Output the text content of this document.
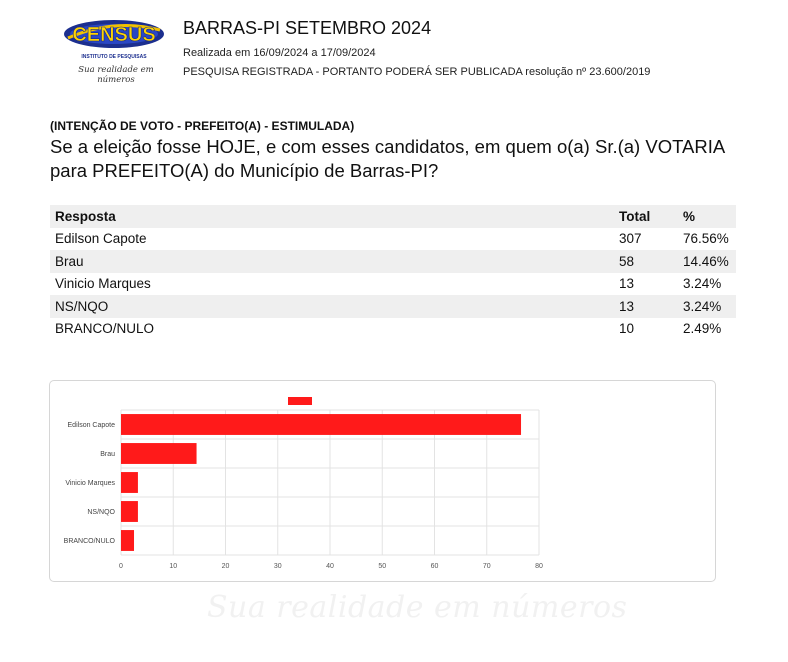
CENSUS
INSTITUTO DE PESQUISAS
Sua realidade em números
BARRAS-PI SETEMBRO 2024
Realizada em 16/09/2024 a 17/09/2024
PESQUISA REGISTRADA - PORTANTO PODERÁ SER PUBLICADA resolução nº 23.600/2019
(INTENÇÃO DE VOTO - PREFEITO(A) - ESTIMULADA)
Se a eleição fosse HOJE, e com esses candidatos, em quem o(a) Sr.(a) VOTARIA para PREFEITO(A) do Município de Barras-PI?
Resposta	Total	%
Edilson Capote	307	76.56%
Brau	58	14.46%
Vinicio Marques	13	3.24%
NS/NQO	13	3.24%
BRANCO/NULO	10	2.49%
Edilson Capote
Brau
Vinicio Marques
NS/NQO
BRANCO/NULO
0	10	20	30	40	50	60	70	80
Sua realidade em números
